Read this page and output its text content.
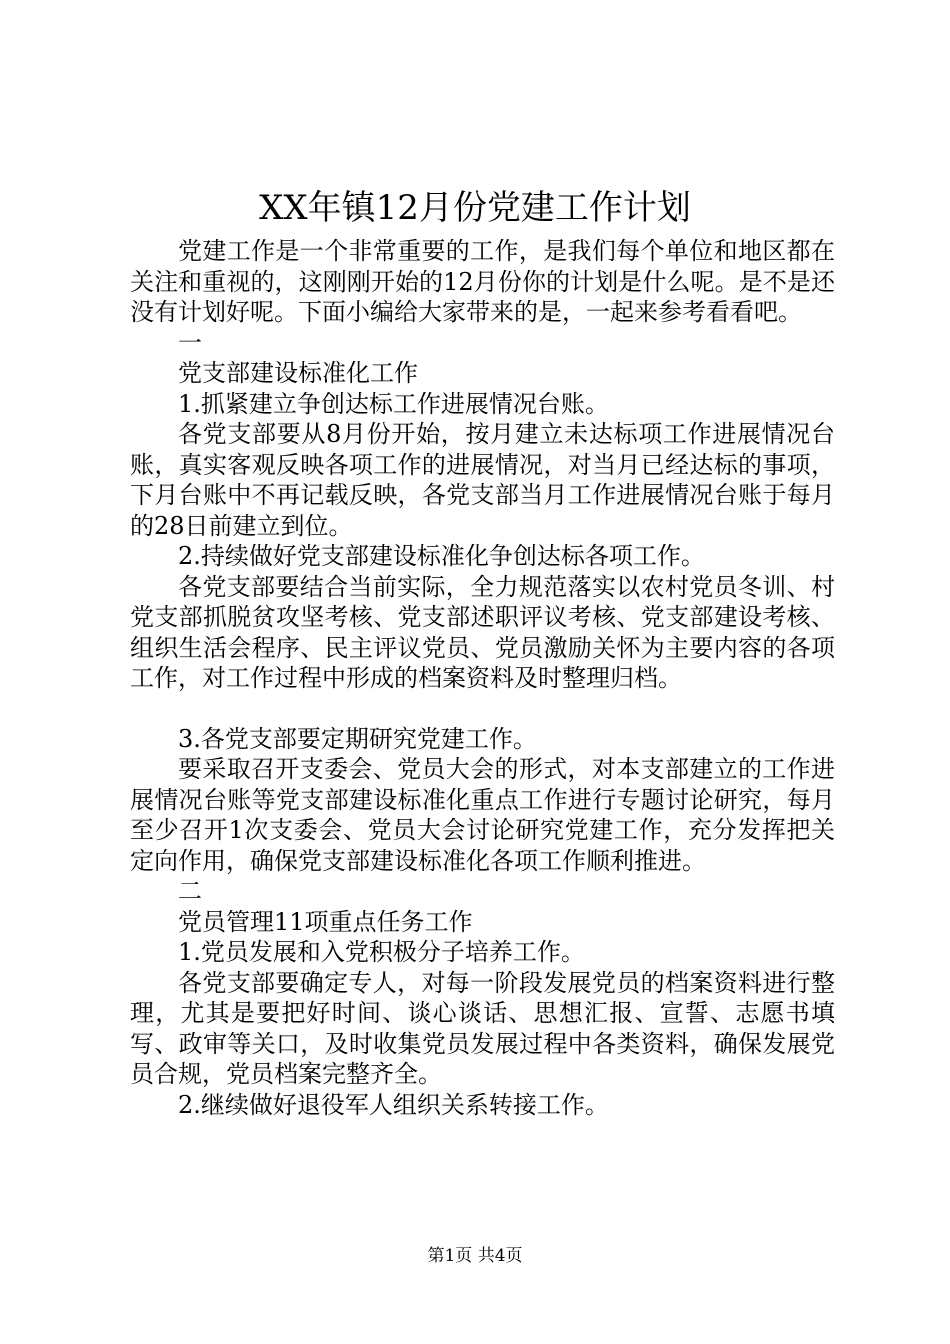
XX年镇12月份党建工作计划

党建工作是一个非常重要的工作，是我们每个单位和地区都在关注和重视的，这刚刚开始的12月份你的计划是什么呢。是不是还没有计划好呢。下面小编给大家带来的是，一起来参考看看吧。

一

党支部建设标准化工作

1.抓紧建立争创达标工作进展情况台账。

各党支部要从8月份开始，按月建立未达标项工作进展情况台账，真实客观反映各项工作的进展情况，对当月已经达标的事项，下月台账中不再记载反映，各党支部当月工作进展情况台账于每月的28日前建立到位。

2.持续做好党支部建设标准化争创达标各项工作。

各党支部要结合当前实际，全力规范落实以农村党员冬训、村党支部抓脱贫攻坚考核、党支部述职评议考核、党支部建设考核、组织生活会程序、民主评议党员、党员激励关怀为主要内容的各项工作，对工作过程中形成的档案资料及时整理归档。

3.各党支部要定期研究党建工作。

要采取召开支委会、党员大会的形式，对本支部建立的工作进展情况台账等党支部建设标准化重点工作进行专题讨论研究，每月至少召开1次支委会、党员大会讨论研究党建工作，充分发挥把关定向作用，确保党支部建设标准化各项工作顺利推进。

二

党员管理11项重点任务工作

1.党员发展和入党积极分子培养工作。

各党支部要确定专人，对每一阶段发展党员的档案资料进行整理，尤其是要把好时间、谈心谈话、思想汇报、宣誓、志愿书填写、政审等关口，及时收集党员发展过程中各类资料，确保发展党员合规，党员档案完整齐全。

2.继续做好退役军人组织关系转接工作。

第1页 共4页
